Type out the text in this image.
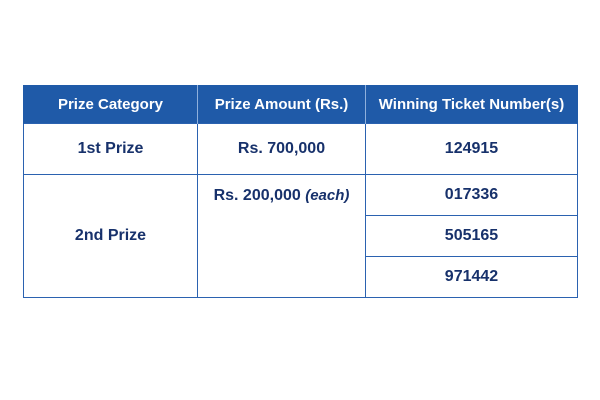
Prize Category	Prize Amount (Rs.)	Winning Ticket Number(s)
1st Prize	Rs. 700,000	124915
2nd Prize	Rs. 200,000 (each)	017336
		505165
		971442
